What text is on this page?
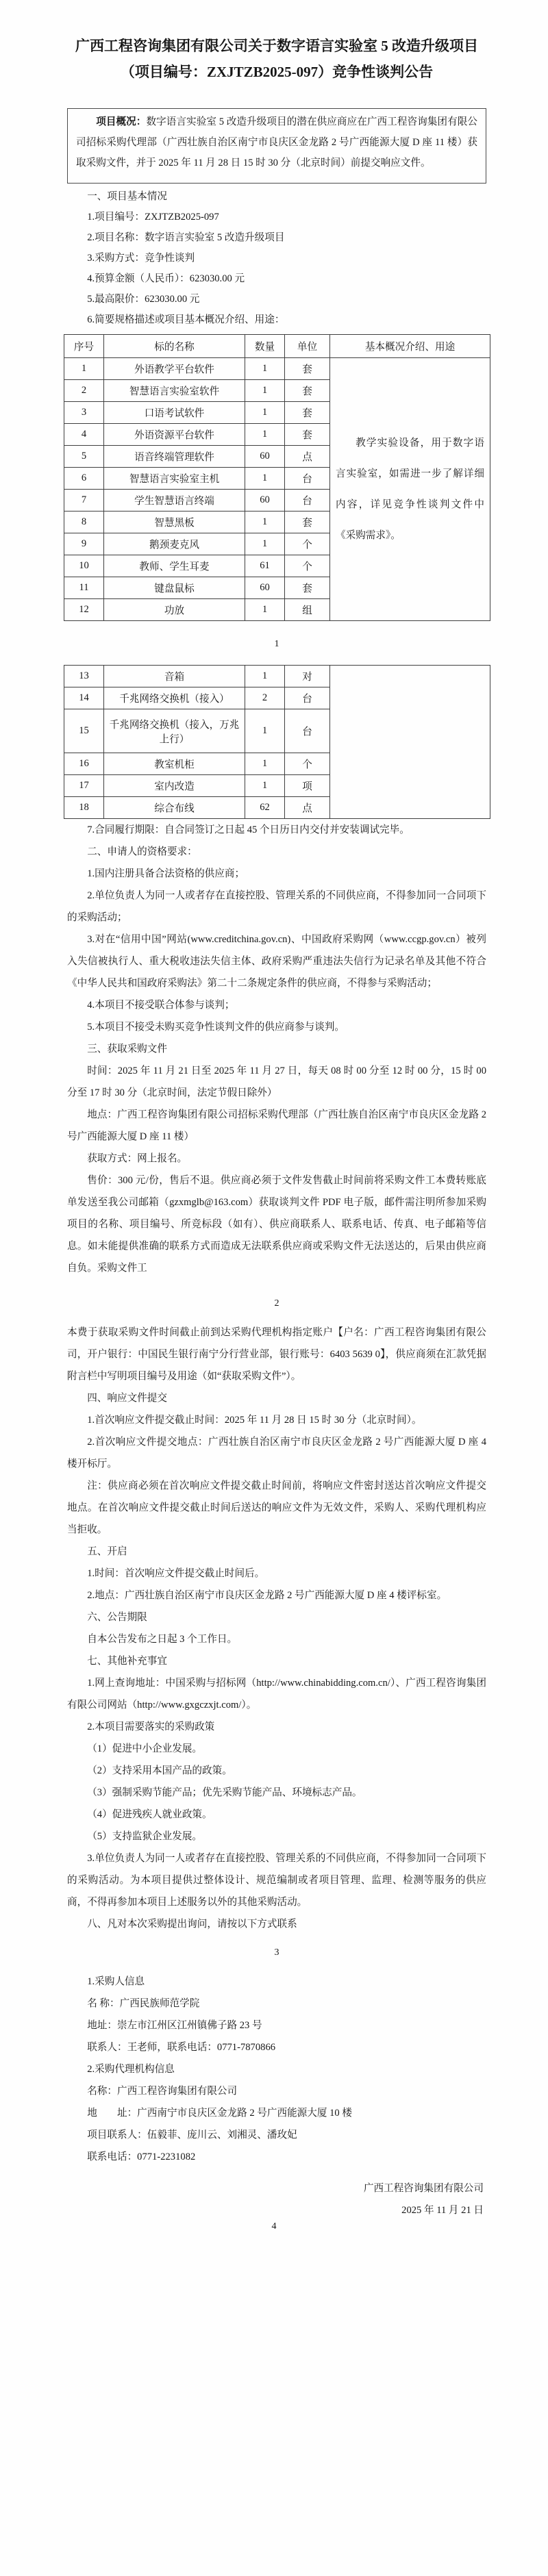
广西工程咨询集团有限公司关于数字语言实验室 5 改造升级项目

（项目编号：ZXJTZB2025-097）竞争性谈判公告

项目概况：数字语言实验室 5 改造升级项目的潜在供应商应在广西工程咨询集团有限公司招标采购代理部（广西壮族自治区南宁市良庆区金龙路 2 号广西能源大厦 D 座 11 楼）获取采购文件，并于 2025 年 11 月 28 日 15 时 30 分（北京时间）前提交响应文件。

一、项目基本情况

1.项目编号：ZXJTZB2025-097

2.项目名称：数字语言实验室 5 改造升级项目

3.采购方式：竞争性谈判

4.预算金额（人民币）：623030.00 元

5.最高限价：623030.00 元

6.简要规格描述或项目基本概况介绍、用途：

序号	标的名称	数量	单位	基本概况介绍、用途
1	外语教学平台软件	1	套	教学实验设备，用于数字语言实验室，如需进一步了解详细内容，详见竞争性谈判文件中《采购需求》。

2	智慧语言实验室软件	1	套	
3	口语考试软件	1	套	
4	外语资源平台软件	1	套	
5	语音终端管理软件	60	点	
6	智慧语言实验室主机	1	台	
7	学生智慧语言终端	60	台	
8	智慧黑板	1	套	
9	鹅颈麦克风	1	个	
10	教师、学生耳麦	61	个	
11	键盘鼠标	60	套	
12	功放	1	组	

1

13	音箱	1	对	
14	千兆网络交换机（接入）	2	台	
15	千兆网络交换机（接入，万兆上行）	1	台	
16	教室机柜	1	个	
17	室内改造	1	项	
18	综合布线	62	点	

7.合同履行期限：自合同签订之日起 45 个日历日内交付并安装调试完毕。

二、申请人的资格要求：

1.国内注册具备合法资格的供应商；

2.单位负责人为同一人或者存在直接控股、管理关系的不同供应商，不得参加同一合同项下的采购活动；

3.对在“信用中国”网站(www.creditchina.gov.cn)、中国政府采购网（www.ccgp.gov.cn）被列入失信被执行人、重大税收违法失信主体、政府采购严重违法失信行为记录名单及其他不符合《中华人民共和国政府采购法》第二十二条规定条件的供应商，不得参与采购活动；

4.本项目不接受联合体参与谈判；

5.本项目不接受未购买竞争性谈判文件的供应商参与谈判。

三、获取采购文件

时间：2025 年 11 月 21 日至 2025 年 11 月 27 日，每天 08 时 00 分至 12 时 00 分，15 时 00 分至 17 时 30 分（北京时间，法定节假日除外）

地点：广西工程咨询集团有限公司招标采购代理部（广西壮族自治区南宁市良庆区金龙路 2 号广西能源大厦 D 座 11 楼）

获取方式：网上报名。

售价：300 元/份，售后不退。供应商必须于文件发售截止时间前将采购文件工本费转账底单发送至我公司邮箱（gzxmglb@163.com）获取谈判文件 PDF 电子版，邮件需注明所参加采购项目的名称、项目编号、所竞标段（如有）、供应商联系人、联系电话、传真、电子邮箱等信息。如未能提供准确的联系方式而造成无法联系供应商或采购文件无法送达的，后果由供应商自负。采购文件工

2

本费于获取采购文件时间截止前到达采购代理机构指定账户【户名：广西工程咨询集团有限公司，开户银行：中国民生银行南宁分行营业部，银行账号：6403 5639 0】，供应商须在汇款凭据附言栏中写明项目编号及用途（如“获取采购文件”）。

四、响应文件提交

1.首次响应文件提交截止时间：2025 年 11 月 28 日 15 时 30 分（北京时间）。

2.首次响应文件提交地点：广西壮族自治区南宁市良庆区金龙路 2 号广西能源大厦 D 座 4 楼开标厅。

注：供应商必须在首次响应文件提交截止时间前，将响应文件密封送达首次响应文件提交地点。在首次响应文件提交截止时间后送达的响应文件为无效文件，采购人、采购代理机构应当拒收。

五、开启

1.时间：首次响应文件提交截止时间后。

2.地点：广西壮族自治区南宁市良庆区金龙路 2 号广西能源大厦 D 座 4 楼评标室。

六、公告期限

自本公告发布之日起 3 个工作日。

七、其他补充事宜

1.网上查询地址：中国采购与招标网（http://www.chinabidding.com.cn/）、广西工程咨询集团有限公司网站（http://www.gxgczxjt.com/）。

2.本项目需要落实的采购政策

（1）促进中小企业发展。

（2）支持采用本国产品的政策。

（3）强制采购节能产品；优先采购节能产品、环境标志产品。

（4）促进残疾人就业政策。

（5）支持监狱企业发展。

3.单位负责人为同一人或者存在直接控股、管理关系的不同供应商，不得参加同一合同项下的采购活动。为本项目提供过整体设计、规范编制或者项目管理、监理、检测等服务的供应商，不得再参加本项目上述服务以外的其他采购活动。

八、凡对本次采购提出询问，请按以下方式联系

3

1.采购人信息

名 称：广西民族师范学院

地址：崇左市江州区江州镇佛子路 23 号

联系人：王老师，联系电话：0771-7870866

2.采购代理机构信息

名称：广西工程咨询集团有限公司

地　　址：广西南宁市良庆区金龙路 2 号广西能源大厦 10 楼

项目联系人：伍毅菲、庞川云、刘湘灵、潘玫妃

联系电话：0771-2231082

广西工程咨询集团有限公司

2025 年 11 月 21 日

4
